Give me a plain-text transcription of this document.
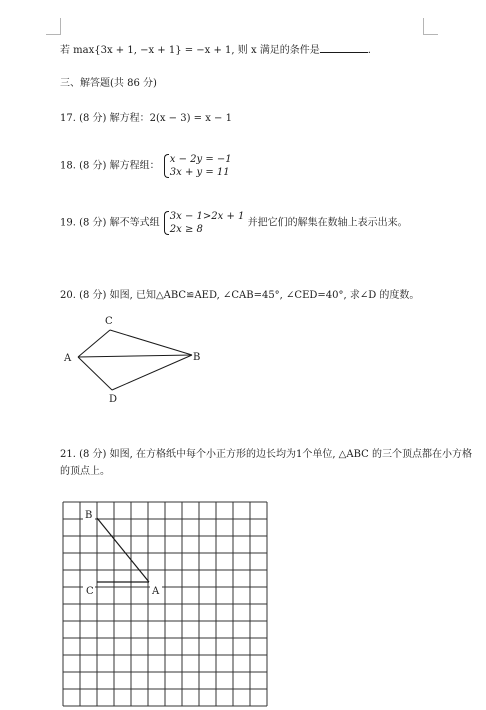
若 max{3x + 1, −x + 1} = −x + 1, 则 x 满足的条件是	.
三、解答题(共 86 分)
17. (8 分) 解方程：2(x − 3) = x − 1
18. (8 分) 解方程组：
x − 2y = −1
3x + y = 11
19. (8 分) 解不等式组
3x − 1>2x + 1
2x ≥ 8
并把它们的解集在数轴上表示出来。
20. (8 分) 如图, 已知△ABC≌AED, ∠CAB=45°, ∠CED=40°, 求∠D 的度数。
21. (8 分) 如图, 在方格纸中每个小正方形的边长均为1个单位, △ABC 的三个顶点都在小方格
的顶点上。
C
A	B
D
B
C	A
